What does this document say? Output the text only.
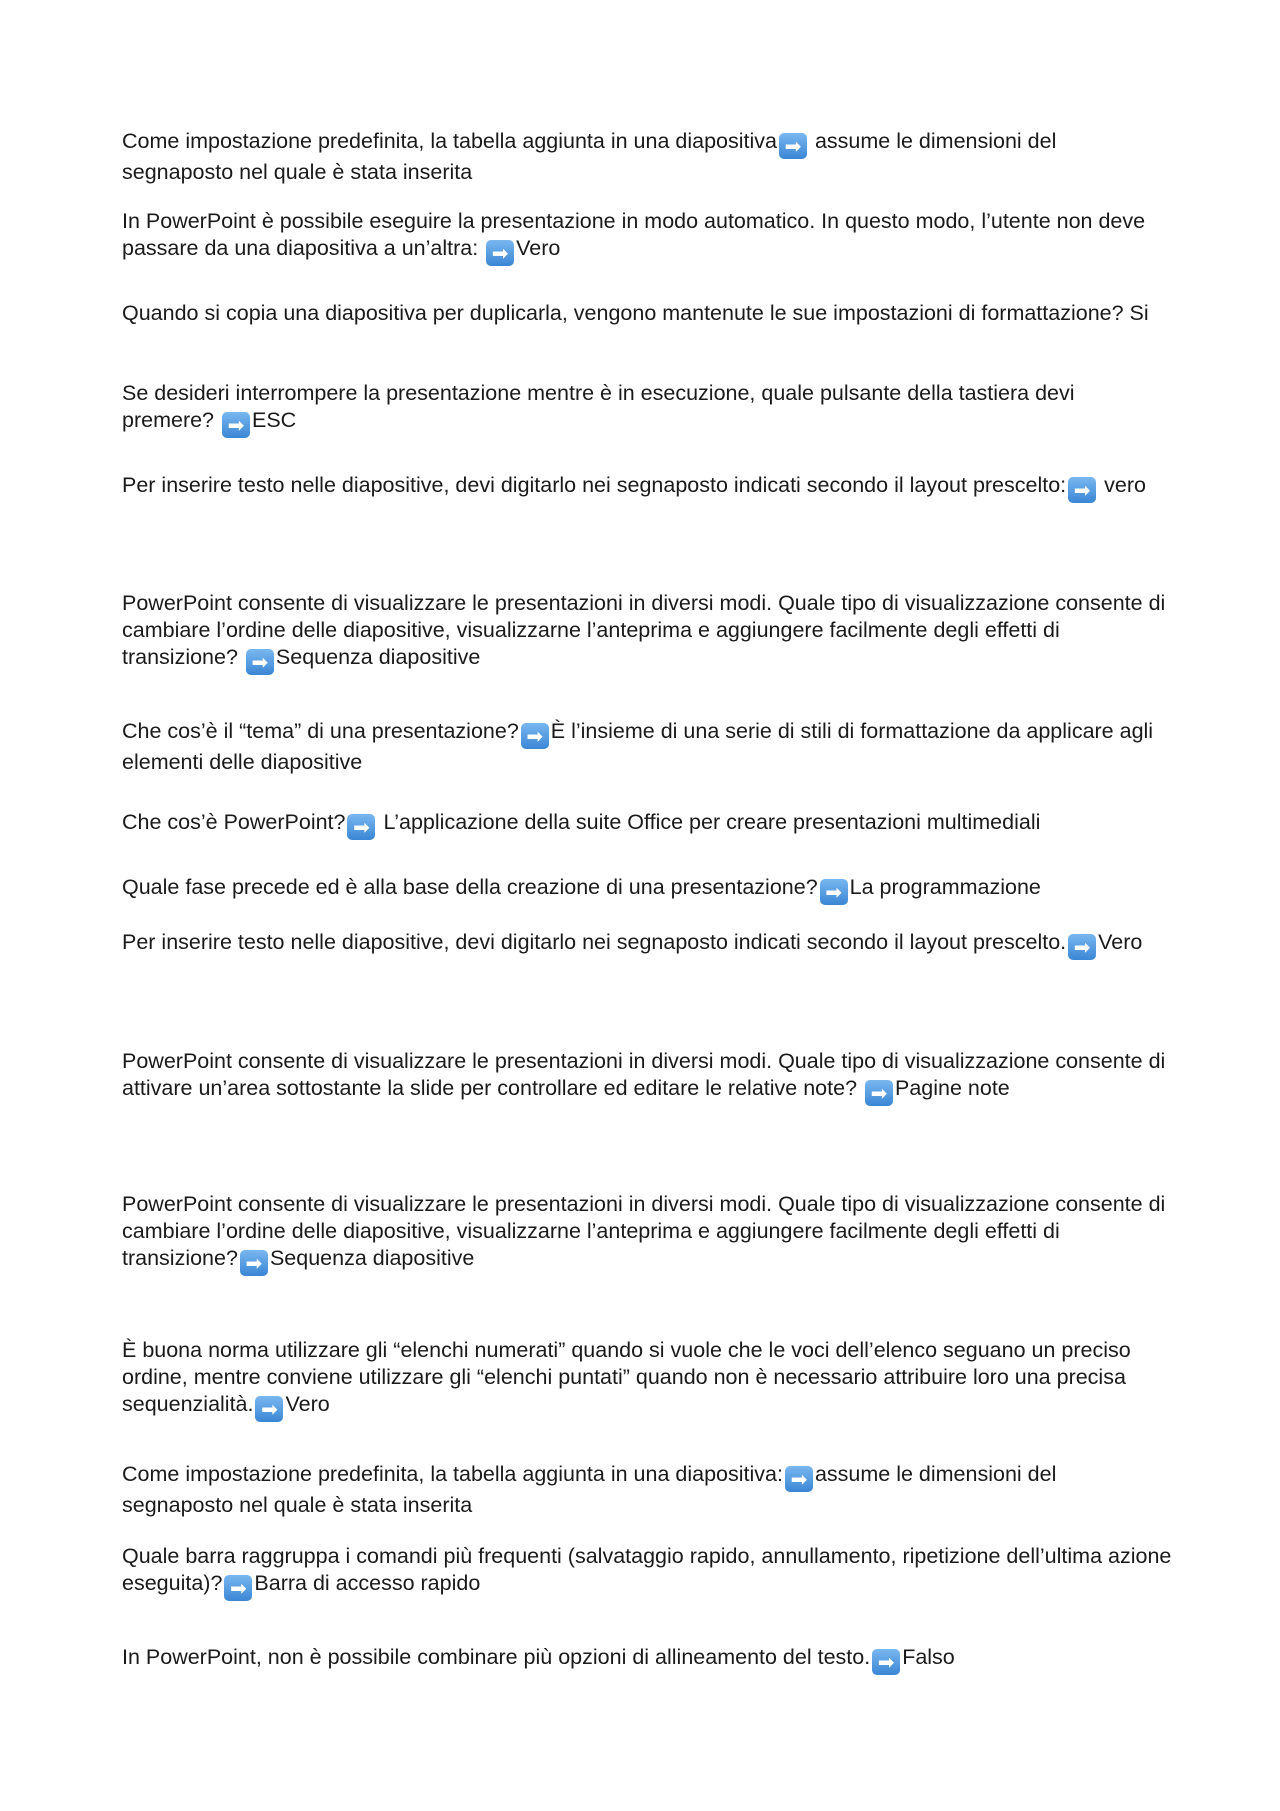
Come impostazione predefinita, la tabella aggiunta in una diapositiva ➡ assume le dimensioni del segnaposto nel quale è stata inserita

In PowerPoint è possibile eseguire la presentazione in modo automatico. In questo modo, l’utente non deve passare da una diapositiva a un’altra: ➡ Vero

Quando si copia una diapositiva per duplicarla, vengono mantenute le sue impostazioni di formattazione? Si

Se desideri interrompere la presentazione mentre è in esecuzione, quale pulsante della tastiera devi premere? ➡ ESC

Per inserire testo nelle diapositive, devi digitarlo nei segnaposto indicati secondo il layout prescelto: ➡ vero

PowerPoint consente di visualizzare le presentazioni in diversi modi. Quale tipo di visualizzazione consente di cambiare l’ordine delle diapositive, visualizzarne l’anteprima e aggiungere facilmente degli effetti di transizione? ➡ Sequenza diapositive

Che cos’è il “tema” di una presentazione? ➡ È l’insieme di una serie di stili di formattazione da applicare agli elementi delle diapositive

Che cos’è PowerPoint? ➡ L’applicazione della suite Office per creare presentazioni multimediali

Quale fase precede ed è alla base della creazione di una presentazione? ➡ La programmazione

Per inserire testo nelle diapositive, devi digitarlo nei segnaposto indicati secondo il layout prescelto. ➡ Vero

PowerPoint consente di visualizzare le presentazioni in diversi modi. Quale tipo di visualizzazione consente di attivare un’area sottostante la slide per controllare ed editare le relative note? ➡ Pagine note

PowerPoint consente di visualizzare le presentazioni in diversi modi. Quale tipo di visualizzazione consente di cambiare l’ordine delle diapositive, visualizzarne l’anteprima e aggiungere facilmente degli effetti di transizione? ➡ Sequenza diapositive

È buona norma utilizzare gli “elenchi numerati” quando si vuole che le voci dell’elenco seguano un preciso ordine, mentre conviene utilizzare gli “elenchi puntati” quando non è necessario attribuire loro una precisa sequenzialità. ➡ Vero

Come impostazione predefinita, la tabella aggiunta in una diapositiva: ➡ assume le dimensioni del segnaposto nel quale è stata inserita

Quale barra raggruppa i comandi più frequenti (salvataggio rapido, annullamento, ripetizione dell’ultima azione eseguita)? ➡ Barra di accesso rapido

In PowerPoint, non è possibile combinare più opzioni di allineamento del testo. ➡ Falso
